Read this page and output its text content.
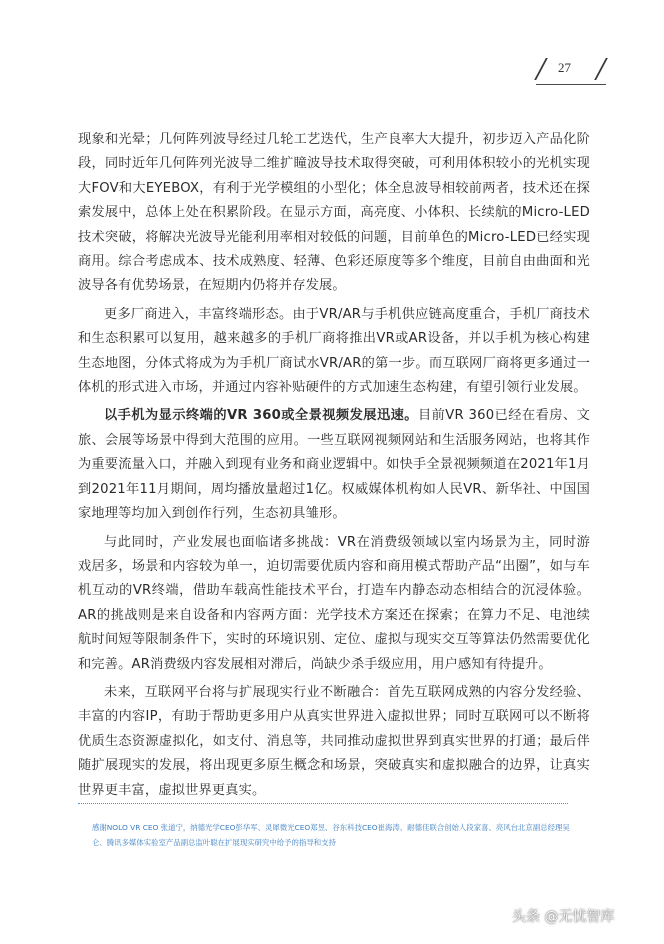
27

现象和光晕；几何阵列波导经过几轮工艺迭代，生产良率大大提升，初步迈入产品化阶段，同时近年几何阵列光波导二维扩瞳波导技术取得突破，可利用体积较小的光机实现大FOV和大EYEBOX，有利于光学模组的小型化；体全息波导相较前两者，技术还在探索发展中，总体上处在积累阶段。在显示方面，高亮度、小体积、长续航的Micro-LED 技术突破，将解决光波导光能利用率相对较低的问题，目前单色的Micro-LED已经实现商用。综合考虑成本、技术成熟度、轻薄、色彩还原度等多个维度，目前自由曲面和光波导各有优势场景，在短期内仍将并存发展。

更多厂商进入，丰富终端形态。由于VR/AR与手机供应链高度重合，手机厂商技术和生态积累可以复用，越来越多的手机厂商将推出VR或AR设备，并以手机为核心构建生态地图，分体式将成为为手机厂商试水VR/AR的第一步。而互联网厂商将更多通过一体机的形式进入市场，并通过内容补贴硬件的方式加速生态构建，有望引领行业发展。

以手机为显示终端的VR 360或全景视频发展迅速。目前VR 360已经在看房、文旅、会展等场景中得到大范围的应用。一些互联网视频网站和生活服务网站，也将其作为重要流量入口，并融入到现有业务和商业逻辑中。如快手全景视频频道在2021年1月到2021年11月期间，周均播放量超过1亿。权威媒体机构如人民VR、新华社、中国国家地理等均加入到创作行列，生态初具雏形。

与此同时，产业发展也面临诸多挑战：VR在消费级领域以室内场景为主，同时游戏居多，场景和内容较为单一，迫切需要优质内容和商用模式帮助产品“出圈”，如与车机互动的VR终端，借助车载高性能技术平台，打造车内静态动态相结合的沉浸体验。AR的挑战则是来自设备和内容两方面：光学技术方案还在探索；在算力不足、电池续航时间短等限制条件下，实时的环境识别、定位、虚拟与现实交互等算法仍然需要优化和完善。AR消费级内容发展相对滞后，尚缺少杀手级应用，用户感知有待提升。

未来，互联网平台将与扩展现实行业不断融合：首先互联网成熟的内容分发经验、丰富的内容IP，有助于帮助更多用户从真实世界进入虚拟世界；同时互联网可以不断将优质生态资源虚拟化，如支付、消息等，共同推动虚拟世界到真实世界的打通；最后伴随扩展现实的发展，将出现更多原生概念和场景，突破真实和虚拟融合的边界，让真实世界更丰富，虚拟世界更真实。

感谢NOLO VR CEO 张道宁，纳德光学CEO彭华军、灵犀微光CEO郑昱、谷东科技CEO崔海涛、耐德佳联合创始人段家喜、亮风台北京副总经理吴仑、腾讯多媒体实验室产品副总监叶聪在扩展现实研究中给予的指导和支持
头条 @无忧智库
